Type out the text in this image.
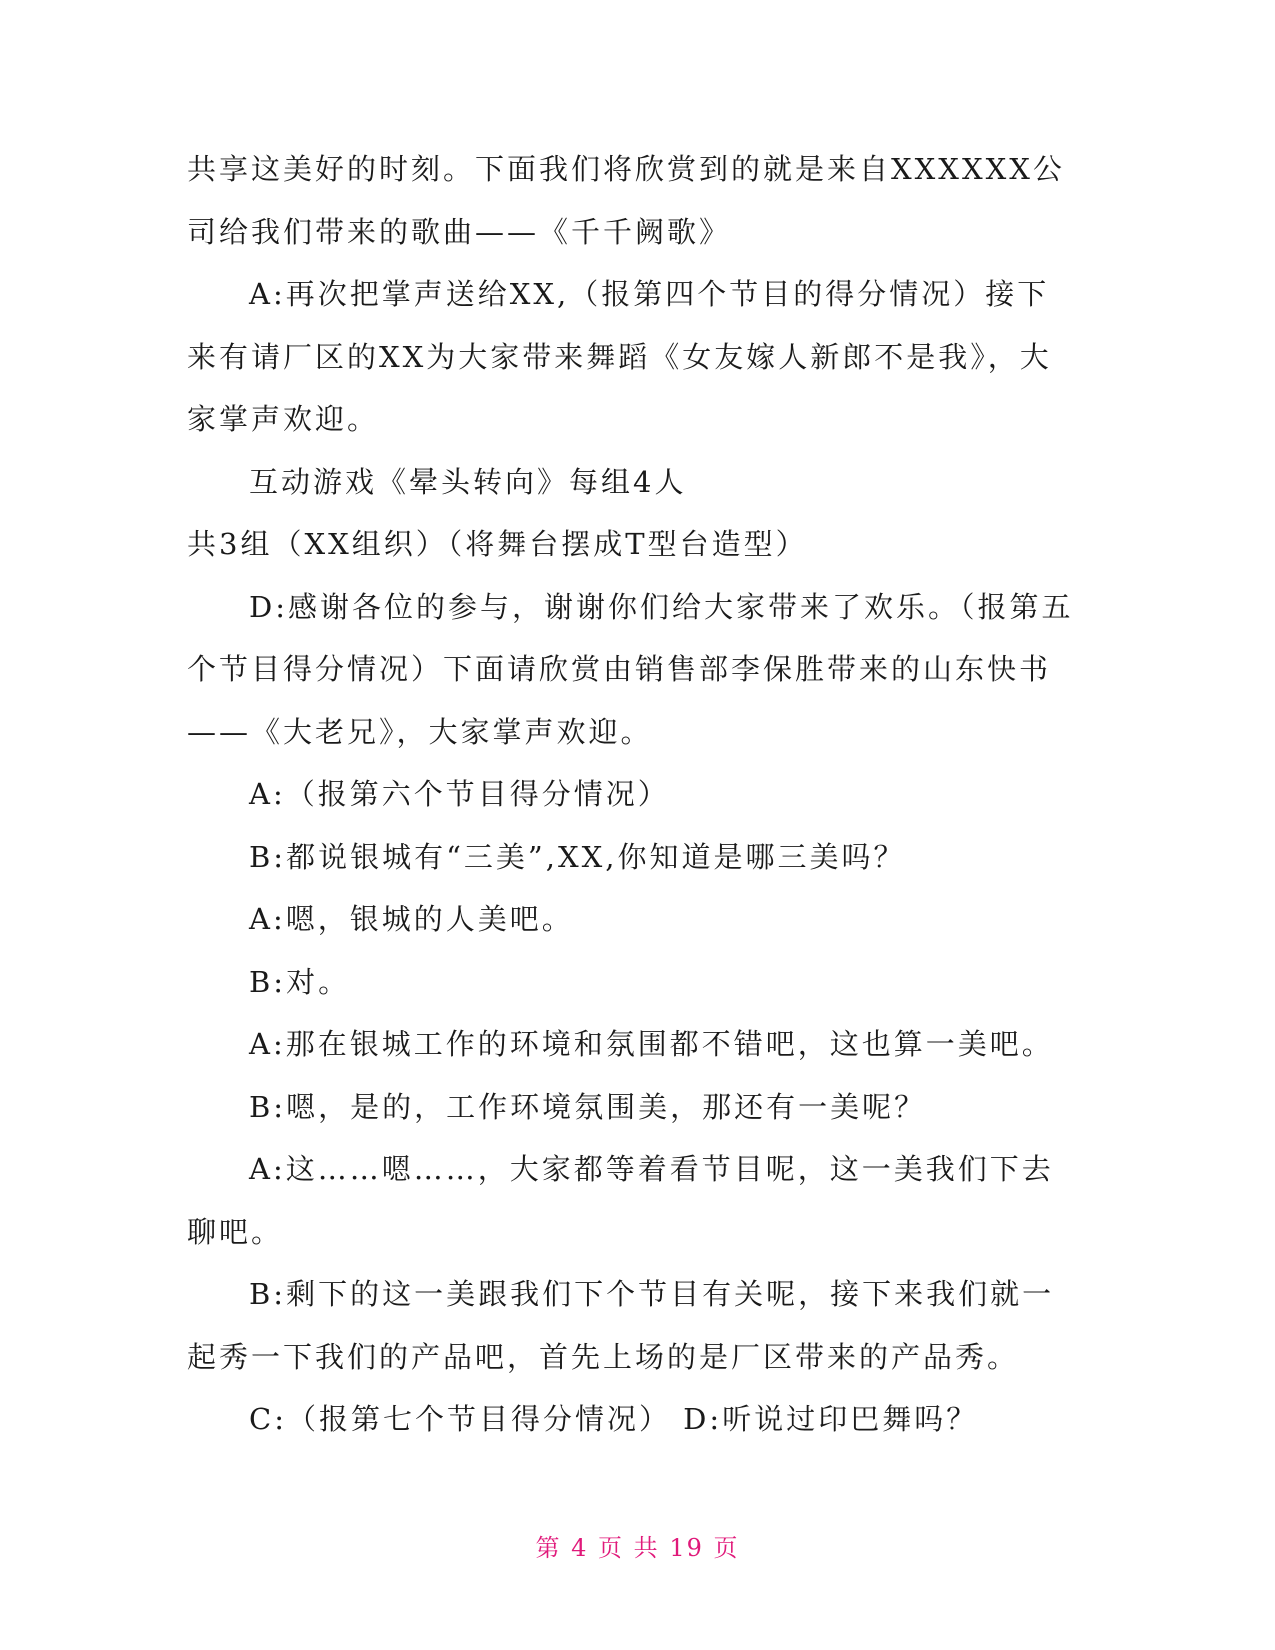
共享这美好的时刻。下面我们将欣赏到的就是来自XXXXXX公司给我们带来的歌曲——《千千阙歌》

A:再次把掌声送给XX,（报第四个节目的得分情况）接下来有请厂区的XX为大家带来舞蹈《女友嫁人新郎不是我》，大家掌声欢迎。

互动游戏《晕头转向》每组4人

共3组（XX组织）（将舞台摆成T型台造型）

D:感谢各位的参与，谢谢你们给大家带来了欢乐。（报第五个节目得分情况）下面请欣赏由销售部李保胜带来的山东快书——《大老兄》，大家掌声欢迎。

A:（报第六个节目得分情况）

B:都说银城有“三美”,XX,你知道是哪三美吗？

A:嗯，银城的人美吧。

B:对。

A:那在银城工作的环境和氛围都不错吧，这也算一美吧。

B:嗯，是的，工作环境氛围美，那还有一美呢？

A:这……嗯……，大家都等着看节目呢，这一美我们下去聊吧。

B:剩下的这一美跟我们下个节目有关呢，接下来我们就一起秀一下我们的产品吧，首先上场的是厂区带来的产品秀。

C:（报第七个节目得分情况） D:听说过印巴舞吗？

第 4 页 共 19 页
